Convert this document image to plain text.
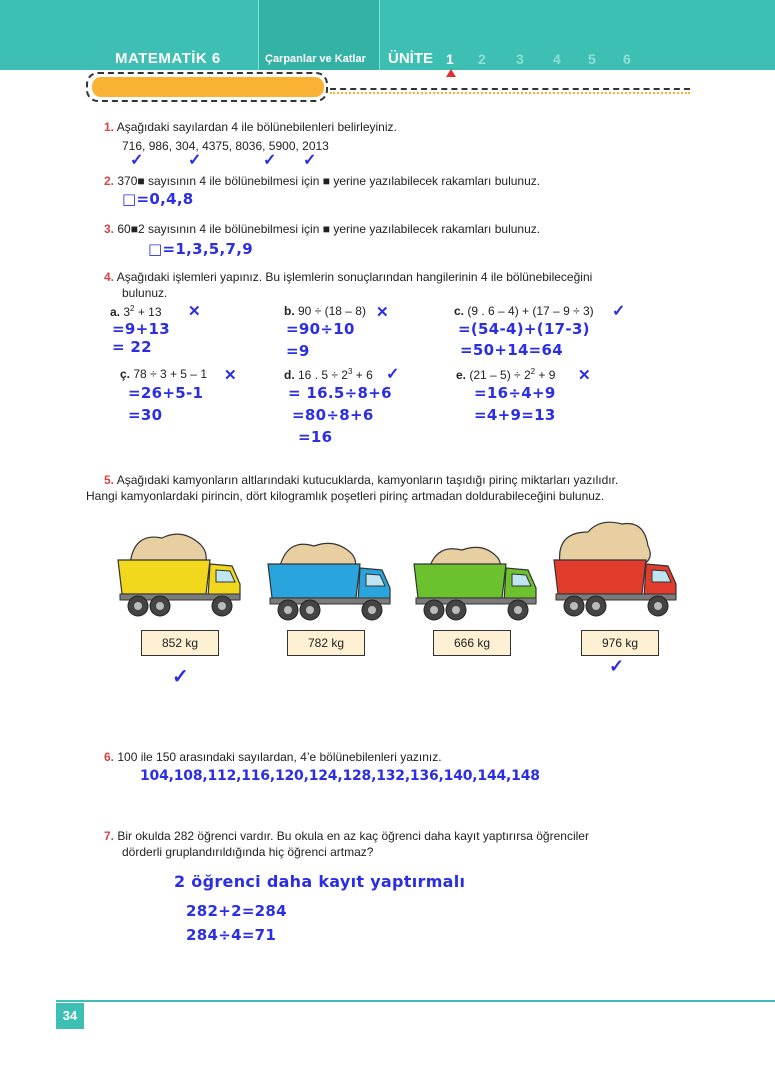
MATEMATİK 6	Çarpanlar ve Katlar ÜNİTE 1 2 3 4 5 6
1. Aşağıdaki sayılardan 4 ile bölünebilenleri belirleyiniz.
716, 986, 304, 4375, 8036, 5900, 2013
✓	✓	✓ ✓
2. 370■ sayısının 4 ile bölünebilmesi için ■ yerine yazılabilecek rakamları bulunuz.
□=0,4,8
3. 60■2 sayısının 4 ile bölünebilmesi için ■ yerine yazılabilecek rakamları bulunuz.
□=1,3,5,7,9
4. Aşağıdaki işlemleri yapınız. Bu işlemlerin sonuçlarından hangilerinin 4 ile bölünebileceğini
bulunuz.
a. $3^2 + 13$ ✕
=9+13
= 22
b. 90 ÷ (18 – 8) ✕
=90÷10
=9
c. (9 . 6 – 4) + (17 – 9 ÷ 3) ✓
=(54-4)+(17-3)
=50+14=64
ç. 78 ÷ 3 + 5 – 1 ✕
=26+5-1
=30
d. 16 . $5 \div 2^3 + 6$ ✓
= 16.5÷8+6
=80÷8+6
=16
e. $(21 - 5) \div 2^2 + 9$ ✕
=16÷4+9
=4+9=13
5. Aşağıdaki kamyonların altlarındaki kutucuklarda, kamyonların taşıdığı pirinç miktarları yazılıdır.
Hangi kamyonlardaki pirincin, dört kilogramlık poşetleri pirinç artmadan doldurabileceğini bulunuz.
852 kg	782 kg	666 kg	976 kg
✓	✓
6. 100 ile 150 arasındaki sayılardan, 4’e bölünebilenleri yazınız.
104,108,112,116,120,124,128,132,136,140,144,148
7. Bir okulda 282 öğrenci vardır. Bu okula en az kaç öğrenci daha kayıt yaptırırsa öğrenciler
dörderli gruplandırıldığında hiç öğrenci artmaz?
2 öğrenci daha kayıt yaptırmalı
282+2=284
284÷4=71
34
